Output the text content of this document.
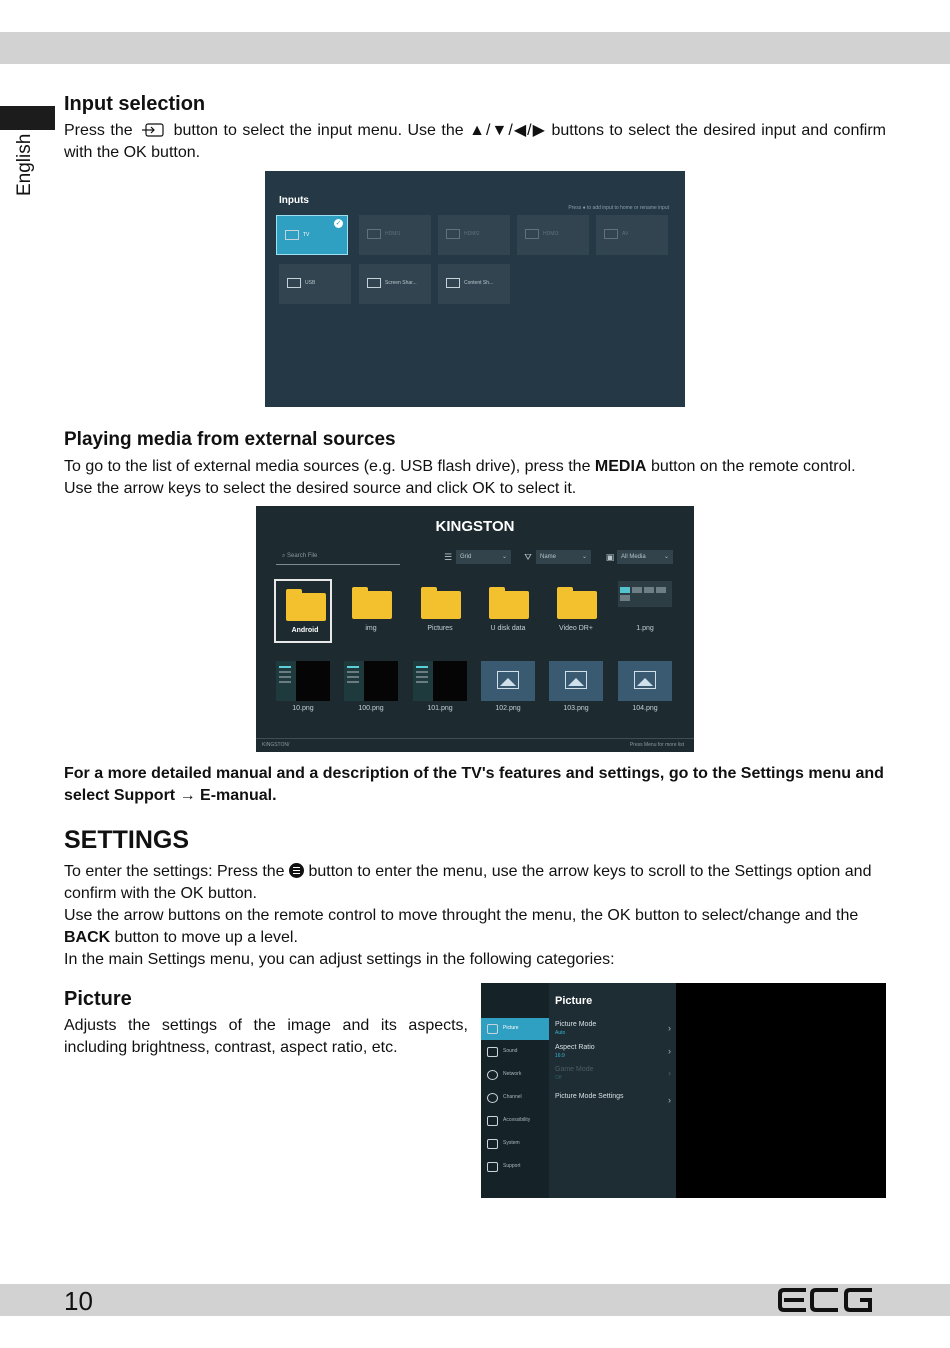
English
Input selection
Press the	button to select the input menu. Use the ▲/▼/◀/▶ buttons to select the desired input and confirm with the OK button.
Inputs
Press ● to add input to home or rename input
TV
✓
HDMI1	HDMI2	HDMI3	AV
USB	Screen Shar...	Content Sh...
Playing media from external sources
To go to the list of external media sources (e.g. USB flash drive), press the MEDIA button on the remote control. Use the arrow keys to select the desired source and click OK to select it.
KINGSTON
⌕ Search File	☰	Grid	⌄ ⛛	Name	⌄ ▣	All Media	⌄
Android	img	Pictures	U disk data	Video DR+	1.png
10.png	100.png	101.png	102.png	103.png	104.png
KINGSTON/	Press Menu for more list
For a more detailed manual and a description of the TV's features and settings, go to the Settings menu and select Support → E-manual.
SETTINGS
To enter the settings: Press the button to enter the menu, use the arrow keys to scroll to the Settings option and confirm with the OK button.
Use the arrow buttons on the remote control to move throught the menu, the OK button to select/change and the BACK button to move up a level.
In the main Settings menu, you can adjust settings in the following categories:
Picture
Adjusts the settings of the image and its aspects, including brightness, contrast, aspect ratio, etc.
Picture
Sound
Network
Channel
Accessibility
System
Support
Picture
Picture Mode
Auto	›
Aspect Ratio
16:9	›
Game Mode
Off	›
Picture Mode Settings	›
10
